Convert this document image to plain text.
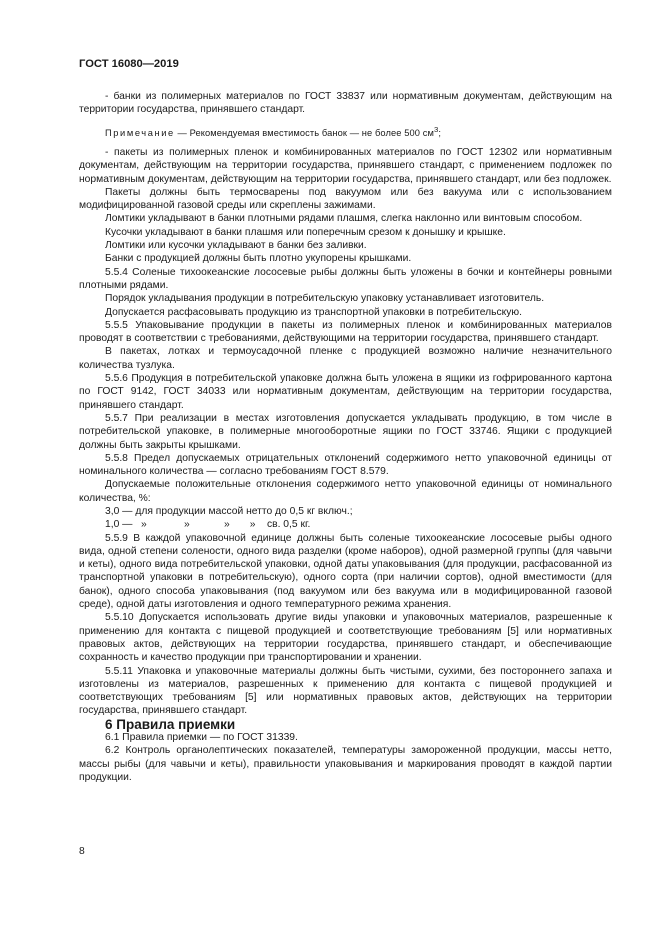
ГОСТ 16080—2019

- банки из полимерных материалов по ГОСТ 33837 или нормативным документам, действующим на территории государства, принявшего стандарт.

Примечание — Рекомендуемая вместимость банок — не более 500 $см^3$;

- пакеты из полимерных пленок и комбинированных материалов по ГОСТ 12302 или нормативным документам, действующим на территории государства, принявшего стандарт, с применением подложек по нормативным документам, действующим на территории государства, принявшего стандарт, или без подложек.

Пакеты должны быть термосварены под вакуумом или без вакуума или с использованием модифицированной газовой среды или скреплены зажимами.

Ломтики укладывают в банки плотными рядами плашмя, слегка наклонно или винтовым способом.

Кусочки укладывают в банки плашмя или поперечным срезом к донышку и крышке.

Ломтики или кусочки укладывают в банки без заливки.

Банки с продукцией должны быть плотно укупорены крышками.

5.5.4 Соленые тихоокеанские лососевые рыбы должны быть уложены в бочки и контейнеры ровными плотными рядами.

Порядок укладывания продукции в потребительскую упаковку устанавливает изготовитель.

Допускается расфасовывать продукцию из транспортной упаковки в потребительскую.

5.5.5 Упаковывание продукции в пакеты из полимерных пленок и комбинированных материалов проводят в соответствии с требованиями, действующими на территории государства, принявшего стандарт.

В пакетах, лотках и термоусадочной пленке с продукцией возможно наличие незначительного количества тузлука.

5.5.6 Продукция в потребительской упаковке должна быть уложена в ящики из гофрированного картона по ГОСТ 9142, ГОСТ 34033 или нормативным документам, действующим на территории государства, принявшего стандарт.

5.5.7 При реализации в местах изготовления допускается укладывать продукцию, в том числе в потребительской упаковке, в полимерные многооборотные ящики по ГОСТ 33746. Ящики с продукцией должны быть закрыты крышками.

5.5.8 Предел допускаемых отрицательных отклонений содержимого нетто упаковочной единицы от номинального количества — согласно требованиям ГОСТ 8.579.

Допускаемые положительные отклонения содержимого нетто упаковочной единицы от номинального количества, %:

3,0 — для продукции массой нетто до 0,5 кг включ.;

1,0 —   »             »            »       »    св. 0,5 кг.

5.5.9 В каждой упаковочной единице должны быть соленые тихоокеанские лососевые рыбы одного вида, одной степени солености, одного вида разделки (кроме наборов), одной размерной группы (для чавычи и кеты), одного вида потребительской упаковки, одной даты упаковывания (для продукции, расфасованной из транспортной упаковки в потребительскую), одного сорта (при наличии сортов), одной вместимости (для банок), одного способа упаковывания (под вакуумом или без вакуума или в модифицированной газовой среде), одной даты изготовления и одного температурного режима хранения.

5.5.10 Допускается использовать другие виды упаковки и упаковочных материалов, разрешенные к применению для контакта с пищевой продукцией и соответствующие требованиям [5] или нормативных правовых актов, действующих на территории государства, принявшего стандарт, и обеспечивающие сохранность и качество продукции при транспортировании и хранении.

5.5.11 Упаковка и упаковочные материалы должны быть чистыми, сухими, без постороннего запаха и изготовлены из материалов, разрешенных к применению для контакта с пищевой продукцией и соответствующих требованиям [5] или нормативных правовых актов, действующих на территории государства, принявшего стандарт.

6 Правила приемки

6.1 Правила приемки — по ГОСТ 31339.

6.2 Контроль органолептических показателей, температуры замороженной продукции, массы нетто, массы рыбы (для чавычи и кеты), правильности упаковывания и маркирования проводят в каждой партии продукции.

8
